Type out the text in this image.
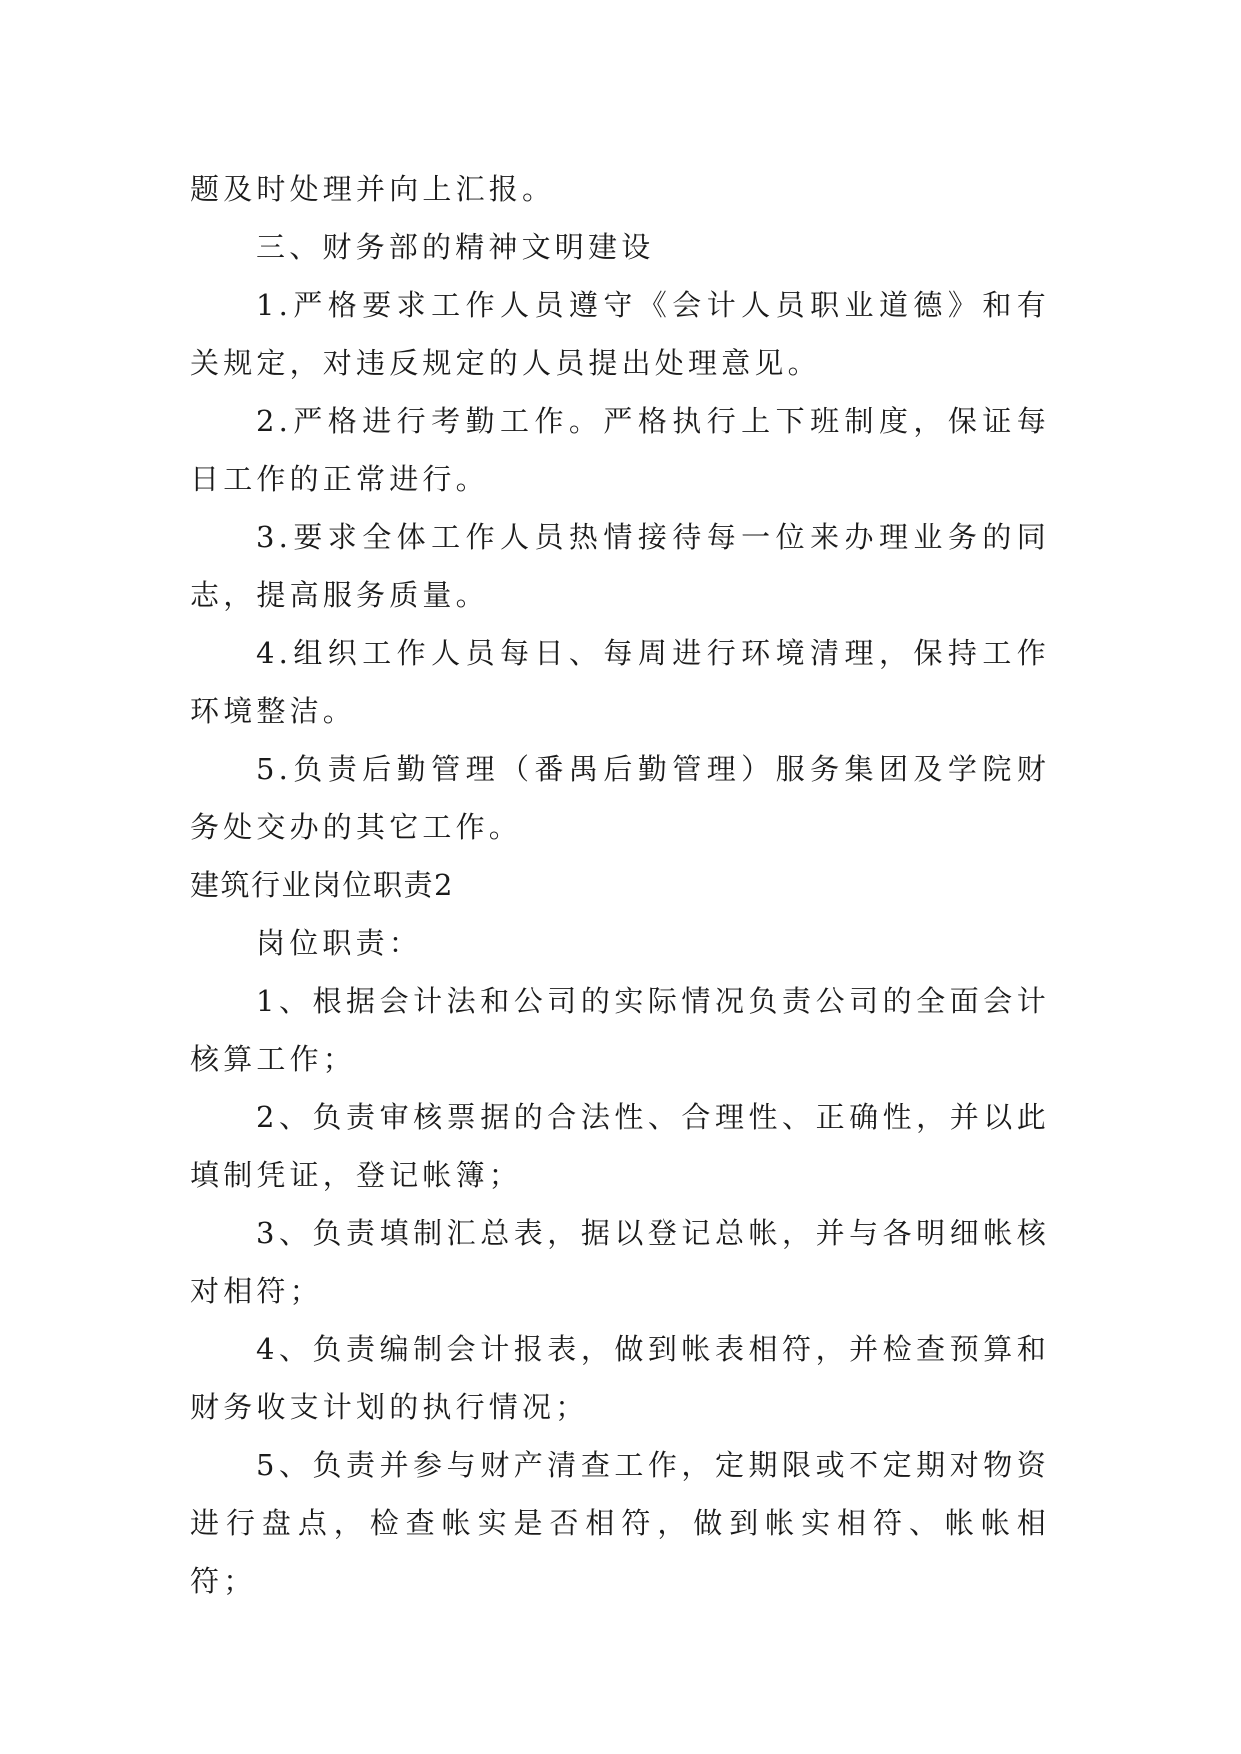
题及时处理并向上汇报。

三、财务部的精神文明建设

1.严格要求工作人员遵守《会计人员职业道德》和有关规定，对违反规定的人员提出处理意见。

2.严格进行考勤工作。严格执行上下班制度，保证每日工作的正常进行。

3.要求全体工作人员热情接待每一位来办理业务的同志，提高服务质量。

4.组织工作人员每日、每周进行环境清理，保持工作环境整洁。

5.负责后勤管理（番禺后勤管理）服务集团及学院财务处交办的其它工作。

建筑行业岗位职责2

岗位职责：

1、根据会计法和公司的实际情况负责公司的全面会计核算工作；

2、负责审核票据的合法性、合理性、正确性，并以此填制凭证，登记帐簿；

3、负责填制汇总表，据以登记总帐，并与各明细帐核对相符；

4、负责编制会计报表，做到帐表相符，并检查预算和财务收支计划的执行情况；

5、负责并参与财产清查工作，定期限或不定期对物资进行盘点，检查帐实是否相符，做到帐实相符、帐帐相符；
